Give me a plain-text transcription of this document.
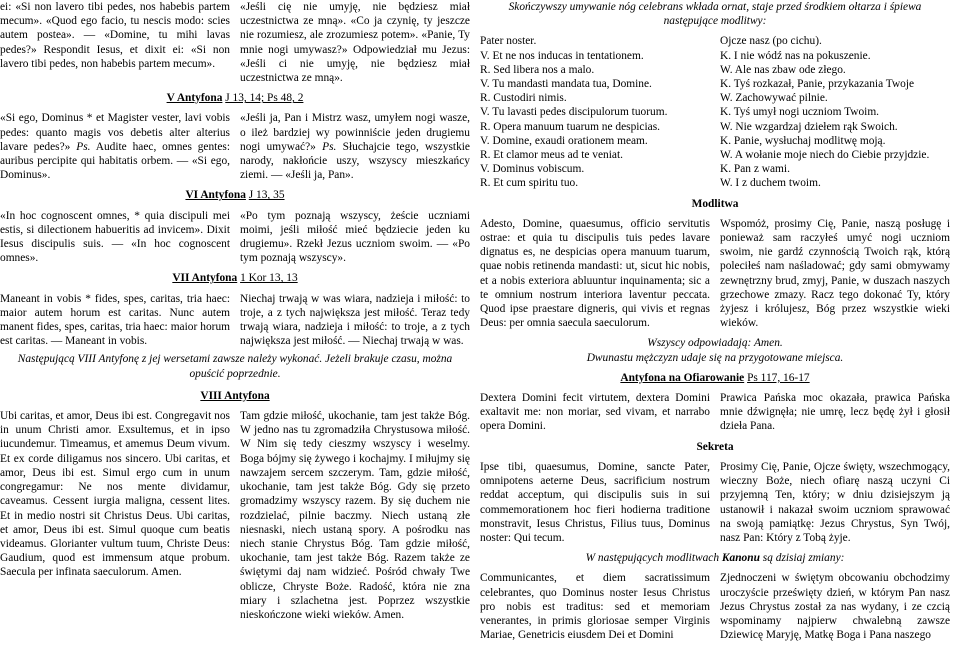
ei: «Si non lavero tibi pedes, nos habebis partem mecum». «Quod ego facio, tu nescis modo: scies autem postea». — «Domine, tu mihi lavas pedes?» Respondit Iesus, et dixit ei: «Si non lavero tibi pedes, non habebis partem mecum».
«Jeśli cię nie umyję, nie będziesz miał uczestnictwa ze mną». «Co ja czynię, ty jeszcze nie rozumiesz, ale zrozumiesz potem». «Panie, Ty mnie nogi umywasz?» Odpowiedział mu Jezus: «Jeśli ci nie umyję, nie będziesz miał uczestnictwa ze mną».
V Antyfona J 13, 14; Ps 48, 2
«Si ego, Dominus * et Magister vester, lavi vobis pedes: quanto magis vos debetis alter alterius lavare pedes?» Ps. Audite haec, omnes gentes: auribus percipite qui habitatis orbem. — «Si ego, Dominus».
«Jeśli ja, Pan i Mistrz wasz, umyłem nogi wasze, o ileż bardziej wy powinniście jeden drugiemu nogi umywać?» Ps. Słuchajcie tego, wszystkie narody, nakłońcie uszy, wszyscy mieszkańcy ziemi. — «Jeśli ja, Pan».
VI Antyfona J 13, 35
«In hoc cognoscent omnes, * quia discipuli mei estis, si dilectionem habueritis ad invicem». Dixit Iesus discipulis suis. — «In hoc cognoscent omnes».
«Po tym poznają wszyscy, żeście uczniami moimi, jeśli miłość mieć będziecie jeden ku drugiemu». Rzekł Jezus uczniom swoim. — «Po tym poznają wszyscy».
VII Antyfona 1 Kor 13, 13
Maneant in vobis * fides, spes, caritas, tria haec: maior autem horum est caritas. Nunc autem manent fides, spes, caritas, tria haec: maior horum est caritas. — Maneant in vobis.
Niechaj trwają w was wiara, nadzieja i miłość: to troje, a z tych największa jest miłość. Teraz tedy trwają wiara, nadzieja i miłość: to troje, a z tych największa jest miłość. — Niechaj trwają w was.
Następującą VIII Antyfonę z jej wersetami zawsze należy wykonać. Jeżeli brakuje czasu, można opuścić poprzednie.
VIII Antyfona
Ubi caritas, et amor, Deus ibi est. Congregavit nos in unum Christi amor. Exsultemus, et in ipso iucundemur. Timeamus, et amemus Deum vivum. Et ex corde diligamus nos sincero. Ubi caritas, et amor, Deus ibi est. Simul ergo cum in unum congregamur: Ne nos mente dividamur, caveamus. Cessent iurgia maligna, cessent lites. Et in medio nostri sit Christus Deus. Ubi caritas, et amor, Deus ibi est. Simul quoque cum beatis videamus. Glorianter vultum tuum, Christe Deus: Gaudium, quod est immensum atque probum. Saecula per infinata saeculorum. Amen.
Tam gdzie miłość, ukochanie, tam jest także Bóg. W jedno nas tu zgromadziła Chrystusowa miłość. W Nim się tedy cieszmy wszyscy i weselmy. Boga bójmy się żywego i kochajmy. I miłujmy się nawzajem sercem szczerym. Tam, gdzie miłość, ukochanie, tam jest także Bóg. Gdy się przeto gromadzimy wszyscy razem. By się duchem nie rozdzielać, pilnie baczmy. Niech ustaną złe niesnaski, niech ustaną spory. A pośrodku nas niech stanie Chrystus Bóg. Tam gdzie miłość, ukochanie, tam jest także Bóg. Razem także ze świętymi daj nam widzieć. Pośród chwały Twe oblicze, Chryste Boże. Radość, która nie zna miary i szlachetna jest. Poprzez wszystkie nieskończone wieki wieków. Amen.
Skończywszy umywanie nóg celebrans wkłada ornat, staje przed środkiem ołtarza i śpiewa następujące modlitwy:
Pater noster.
V. Et ne nos inducas in tentationem.
R. Sed libera nos a malo.
V. Tu mandasti mandata tua, Domine.
R. Custodiri nimis.
V. Tu lavasti pedes discipulorum tuorum.
R. Opera manuum tuarum ne despicias.
V. Domine, exaudi orationem meam.
R. Et clamor meus ad te veniat.
V. Dominus vobiscum.
R. Et cum spiritu tuo.
Ojcze nasz (po cichu).
K. I nie wódź nas na pokuszenie.
W. Ale nas zbaw ode złego.
K. Tyś rozkazał, Panie, przykazania Twoje
W. Zachowywać pilnie.
K. Tyś umył nogi uczniom Twoim.
W. Nie wzgardzaj dziełem rąk Swoich.
K. Panie, wysłuchaj modlitwę moją.
W. A wołanie moje niech do Ciebie przyjdzie.
K. Pan z wami.
W. I z duchem twoim.
Modlitwa
Adesto, Domine, quaesumus, officio servitutis ostrae: et quia tu discipulis tuis pedes lavare dignatus es, ne despicias opera manuum tuarum, quae nobis retinenda mandasti: ut, sicut hic nobis, et a nobis exteriora abluuntur inquinamenta; sic a te omnium nostrum interiora laventur peccata. Quod ipse praestare digneris, qui vivis et regnas Deus: per omnia saecula saeculorum.
Wspomóż, prosimy Cię, Panie, naszą posługę i ponieważ sam raczyłeś umyć nogi uczniom swoim, nie gardź czynnością Twoich rąk, którą poleciłeś nam naśladować; gdy sami obmywamy zewnętrzny brud, zmyj, Panie, w duszach naszych grzechowe zmazy. Racz tego dokonać Ty, który żyjesz i królujesz, Bóg przez wszystkie wieki wieków.
Wszyscy odpowiadają: Amen.
Dwunastu mężczyzn udaje się na przygotowane miejsca.
Antyfona na Ofiarowanie Ps 117, 16-17
Dextera Domini fecit virtutem, dextera Domini exaltavit me: non moriar, sed vivam, et narrabo opera Domini.
Prawica Pańska moc okazała, prawica Pańska mnie dźwignęła; nie umrę, lecz będę żył i głosił dzieła Pana.
Sekreta
Ipse tibi, quaesumus, Domine, sancte Pater, omnipotens aeterne Deus, sacrificium nostrum reddat acceptum, qui discipulis suis in sui commemorationem hoc fieri hodierna traditione monstravit, Iesus Christus, Filius tuus, Dominus noster: Qui tecum.
Prosimy Cię, Panie, Ojcze święty, wszechmogący, wieczny Boże, niech ofiarę naszą uczyni Ci przyjemną Ten, który; w dniu dzisiejszym ją ustanowił i nakazał swoim uczniom sprawować na swoją pamiątkę: Jezus Chrystus, Syn Twój, nasz Pan: Który z Tobą żyje.
W następujących modlitwach Kanonu są dzisiaj zmiany:
Communicantes, et diem sacratissimum celebrantes, quo Dominus noster Iesus Christus pro nobis est traditus: sed et memoriam venerantes, in primis gloriosae semper Virginis Mariae, Genetricis eiusdem Dei et Domini
Zjednoczeni w świętym obcowaniu obchodzimy uroczyście prześwięty dzień, w którym Pan nasz Jezus Chrystus został za nas wydany, i ze czcią wspominamy najpierw chwalebną zawsze Dziewicę Maryję, Matkę Boga i Pana naszego
